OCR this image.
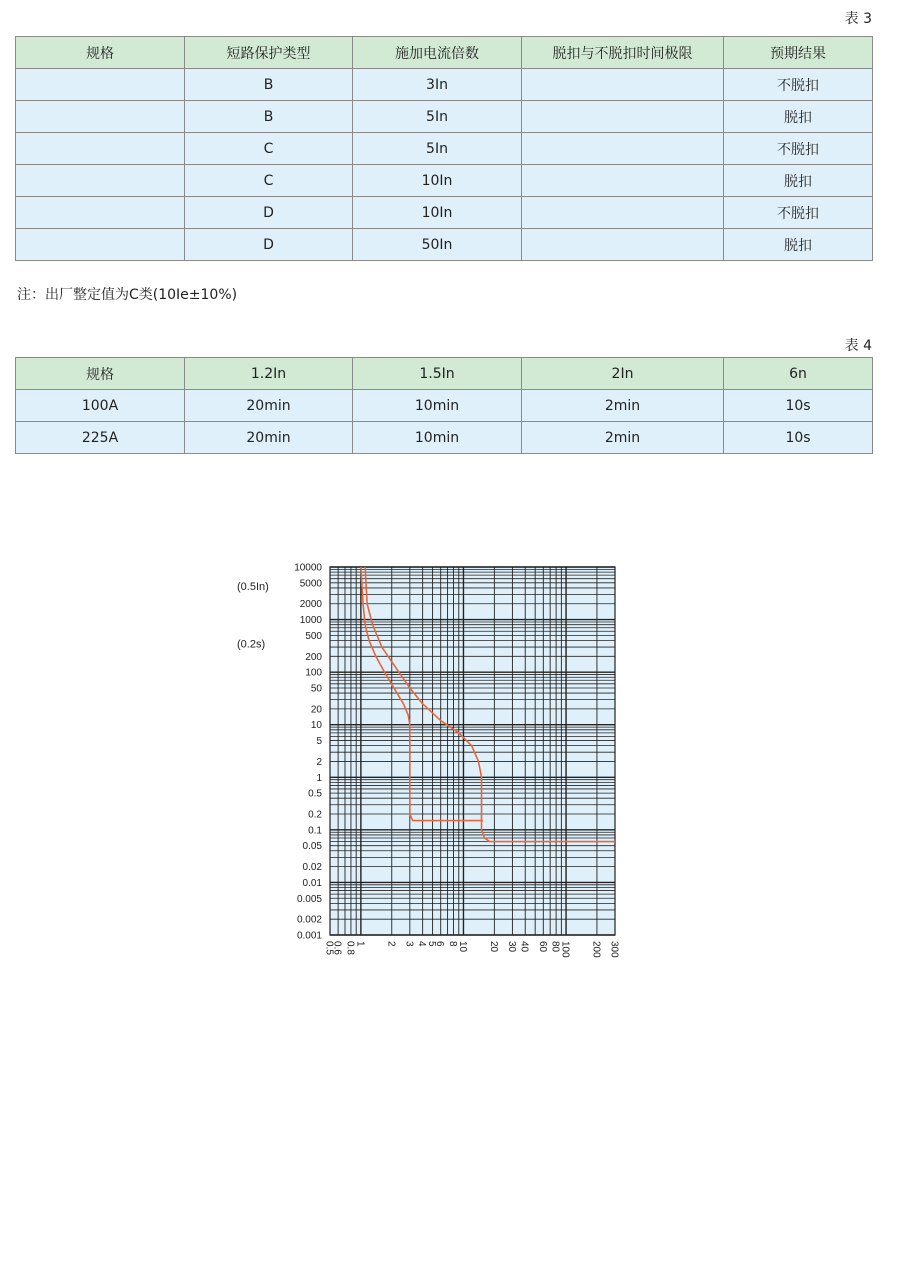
表 3
规格	短路保护类型	施加电流倍数	脱扣与不脱扣时间极限	预期结果
	B	3In		不脱扣
	B	5In		脱扣
	C	5In		不脱扣
	C	10In		脱扣
	D	10In		不脱扣
	D	50In		脱扣
注：出厂整定值为C类(10Ie±10%)
表 4
规格	1.2In	1.5In	2In	6n
100A	20min	10min	2min	10s
225A	20min	10min	2min	10s
10000
5000
2000
1000
500
200
100
50
20
10
5
2
1
0.5
0.2
0.1
0.05
0.02
0.01
0.005
0.002
0.001
0.5
0.6 0.8
1 2 3 4
5
6 8
10 20 30 40 60 80
100 200 300
(0.5In)
(0.2s)
